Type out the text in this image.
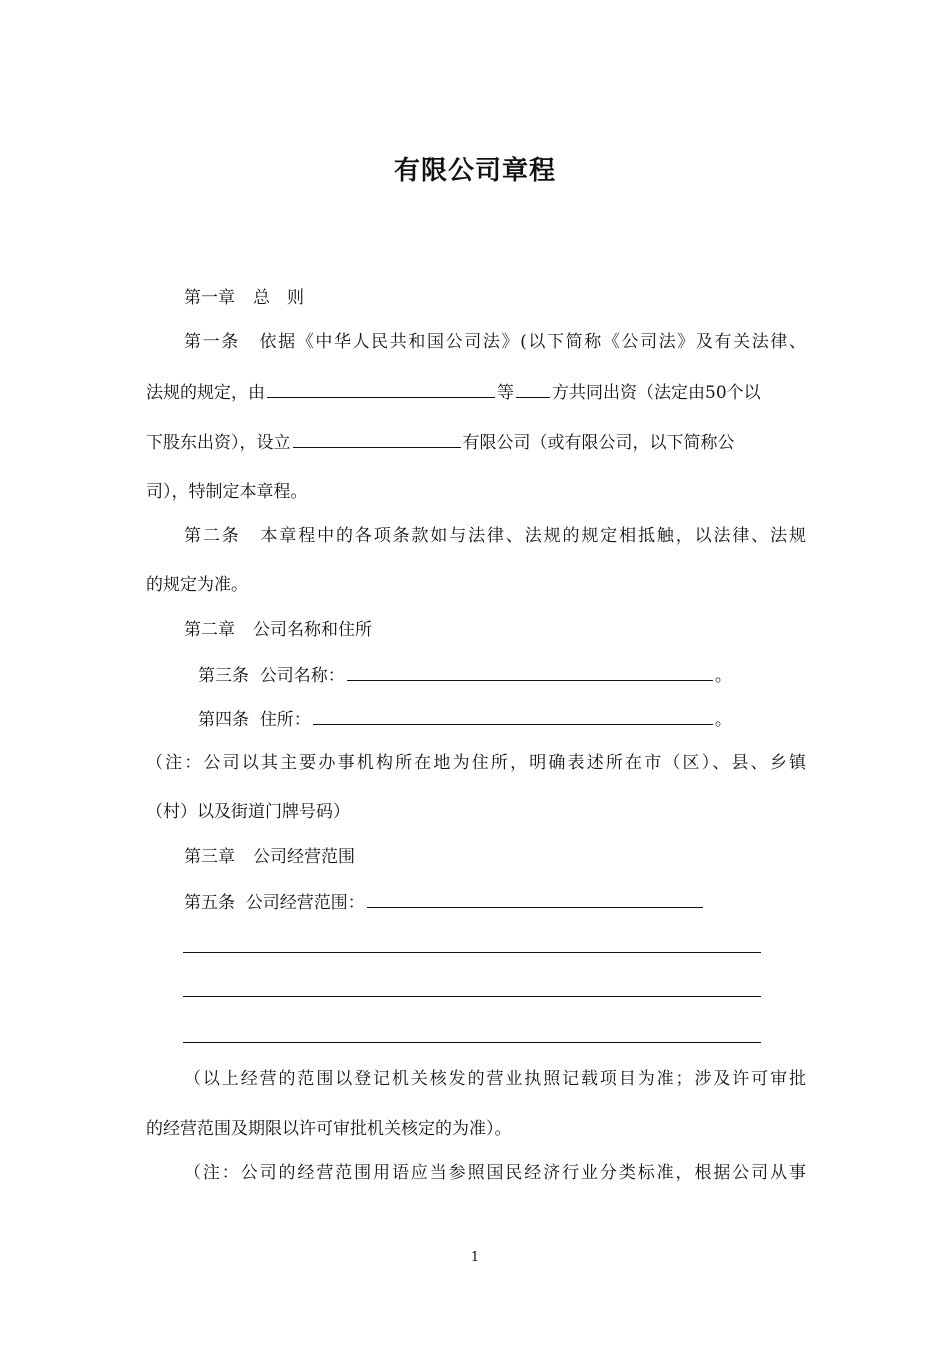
有限公司章程
第一章 总　则
第一条 依据《中华人民共和国公司法》(以下简称《公司法》及有关法律、
法规的规定，由	等 方共同出资（法定由50个以
下股东出资），设立	有限公司（或有限公司，以下简称公
司），特制定本章程。
第二条 本章程中的各项条款如与法律、法规的规定相抵触，以法律、法规
的规定为准。
第二章 公司名称和住所
第三条 公司名称：	。
第四条 住所：	。
（注：公司以其主要办事机构所在地为住所，明确表述所在市（区）、县、乡镇
（村）以及街道门牌号码）
第三章 公司经营范围
第五条 公司经营范围：
（以上经营的范围以登记机关核发的营业执照记载项目为准；涉及许可审批
的经营范围及期限以许可审批机关核定的为准）。
（注：公司的经营范围用语应当参照国民经济行业分类标准，根据公司从事
1
